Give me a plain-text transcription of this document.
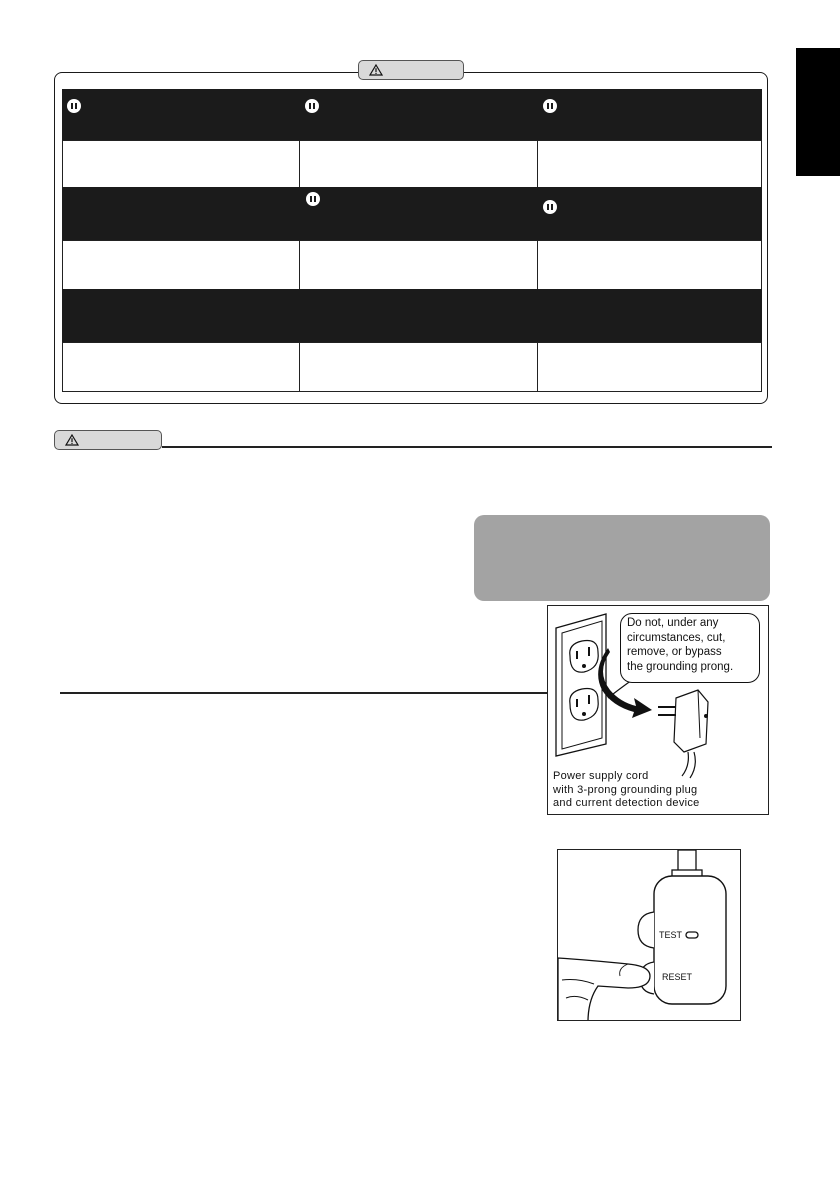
Do not, under any
circumstances, cut,
remove, or bypass
the grounding prong.
Power supply cord
with 3-prong grounding plug
and current detection device
TEST
RESET
